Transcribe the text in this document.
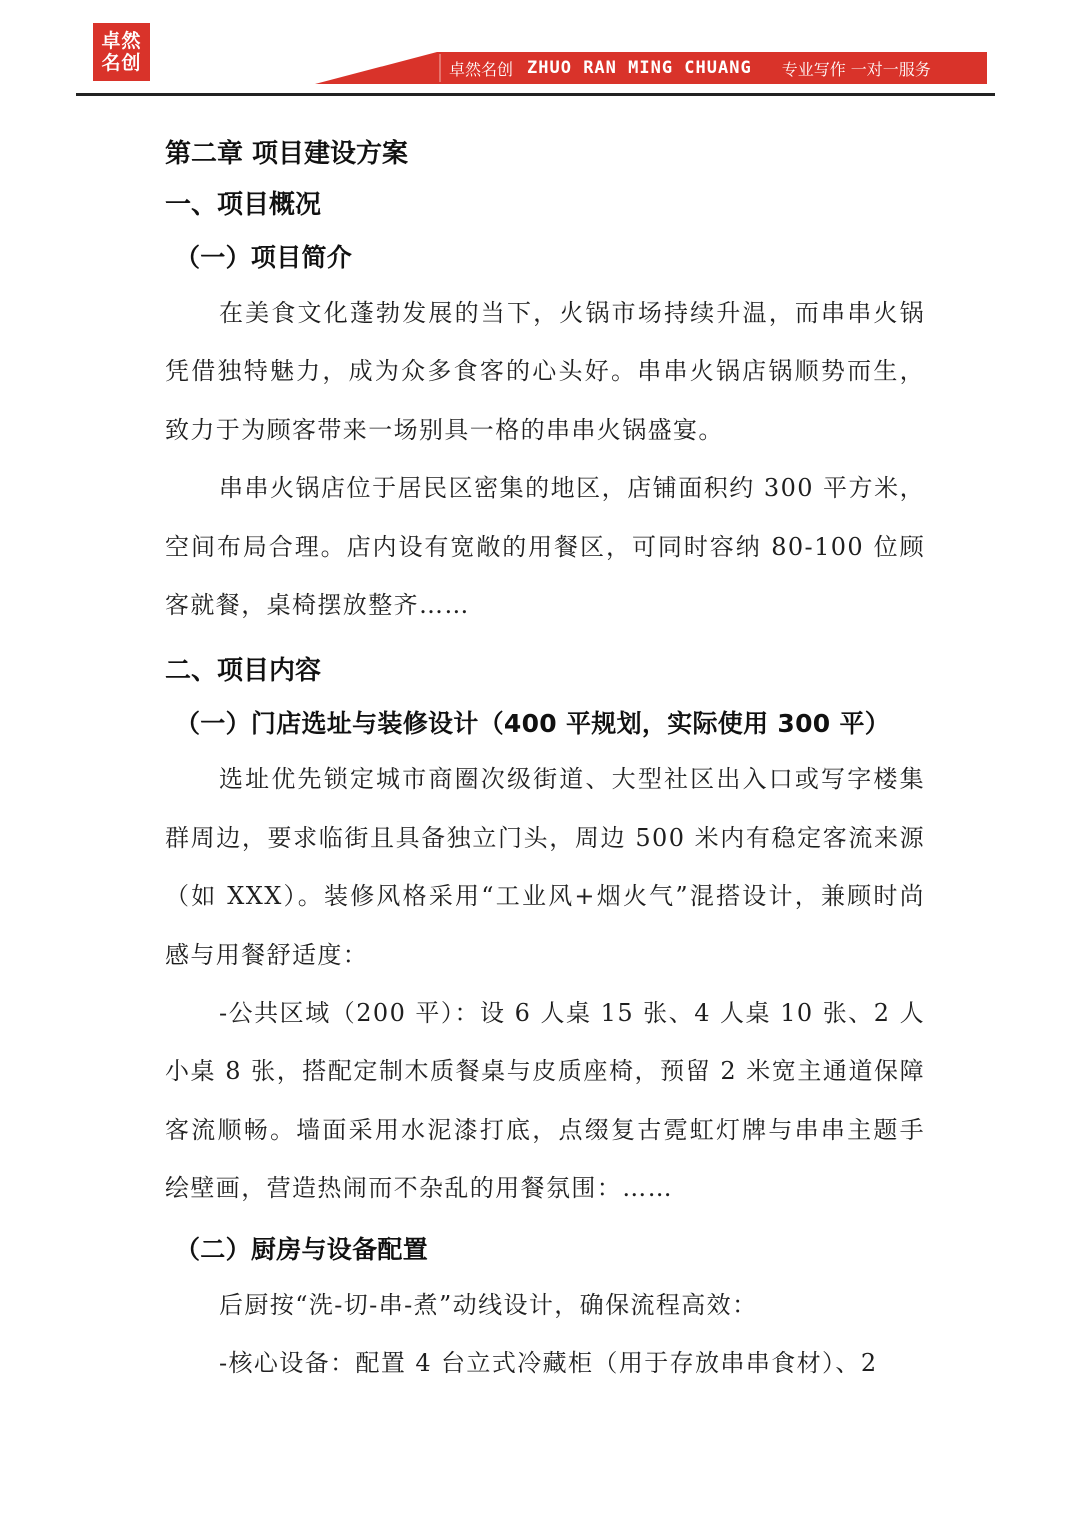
卓然
名创	卓然名创 ZHUO RAN MING CHUANG 专业写作 一对一服务
第二章 项目建设方案
一、项目概况
（一）项目简介

在美食文化蓬勃发展的当下，火锅市场持续升温，而串串火锅凭借独特魅力，成为众多食客的心头好。串串火锅店锅顺势而生，致力于为顾客带来一场别具一格的串串火锅盛宴。

串串火锅店位于居民区密集的地区，店铺面积约 300 平方米，空间布局合理。店内设有宽敞的用餐区，可同时容纳 80-100 位顾客就餐，桌椅摆放整齐……

二、项目内容
（一）门店选址与装修设计（400 平规划，实际使用 300 平）

选址优先锁定城市商圈次级街道、大型社区出入口或写字楼集群周边，要求临街且具备独立门头，周边 500 米内有稳定客流来源（如 XXX）。装修风格采用“工业风+烟火气”混搭设计，兼顾时尚感与用餐舒适度：

-公共区域（200 平）：设 6 人桌 15 张、4 人桌 10 张、2 人小桌 8 张，搭配定制木质餐桌与皮质座椅，预留 2 米宽主通道保障客流顺畅。墙面采用水泥漆打底，点缀复古霓虹灯牌与串串主题手绘壁画，营造热闹而不杂乱的用餐氛围：……

（二）厨房与设备配置

后厨按“洗-切-串-煮”动线设计，确保流程高效：

-核心设备：配置 4 台立式冷藏柜（用于存放串串食材）、2
